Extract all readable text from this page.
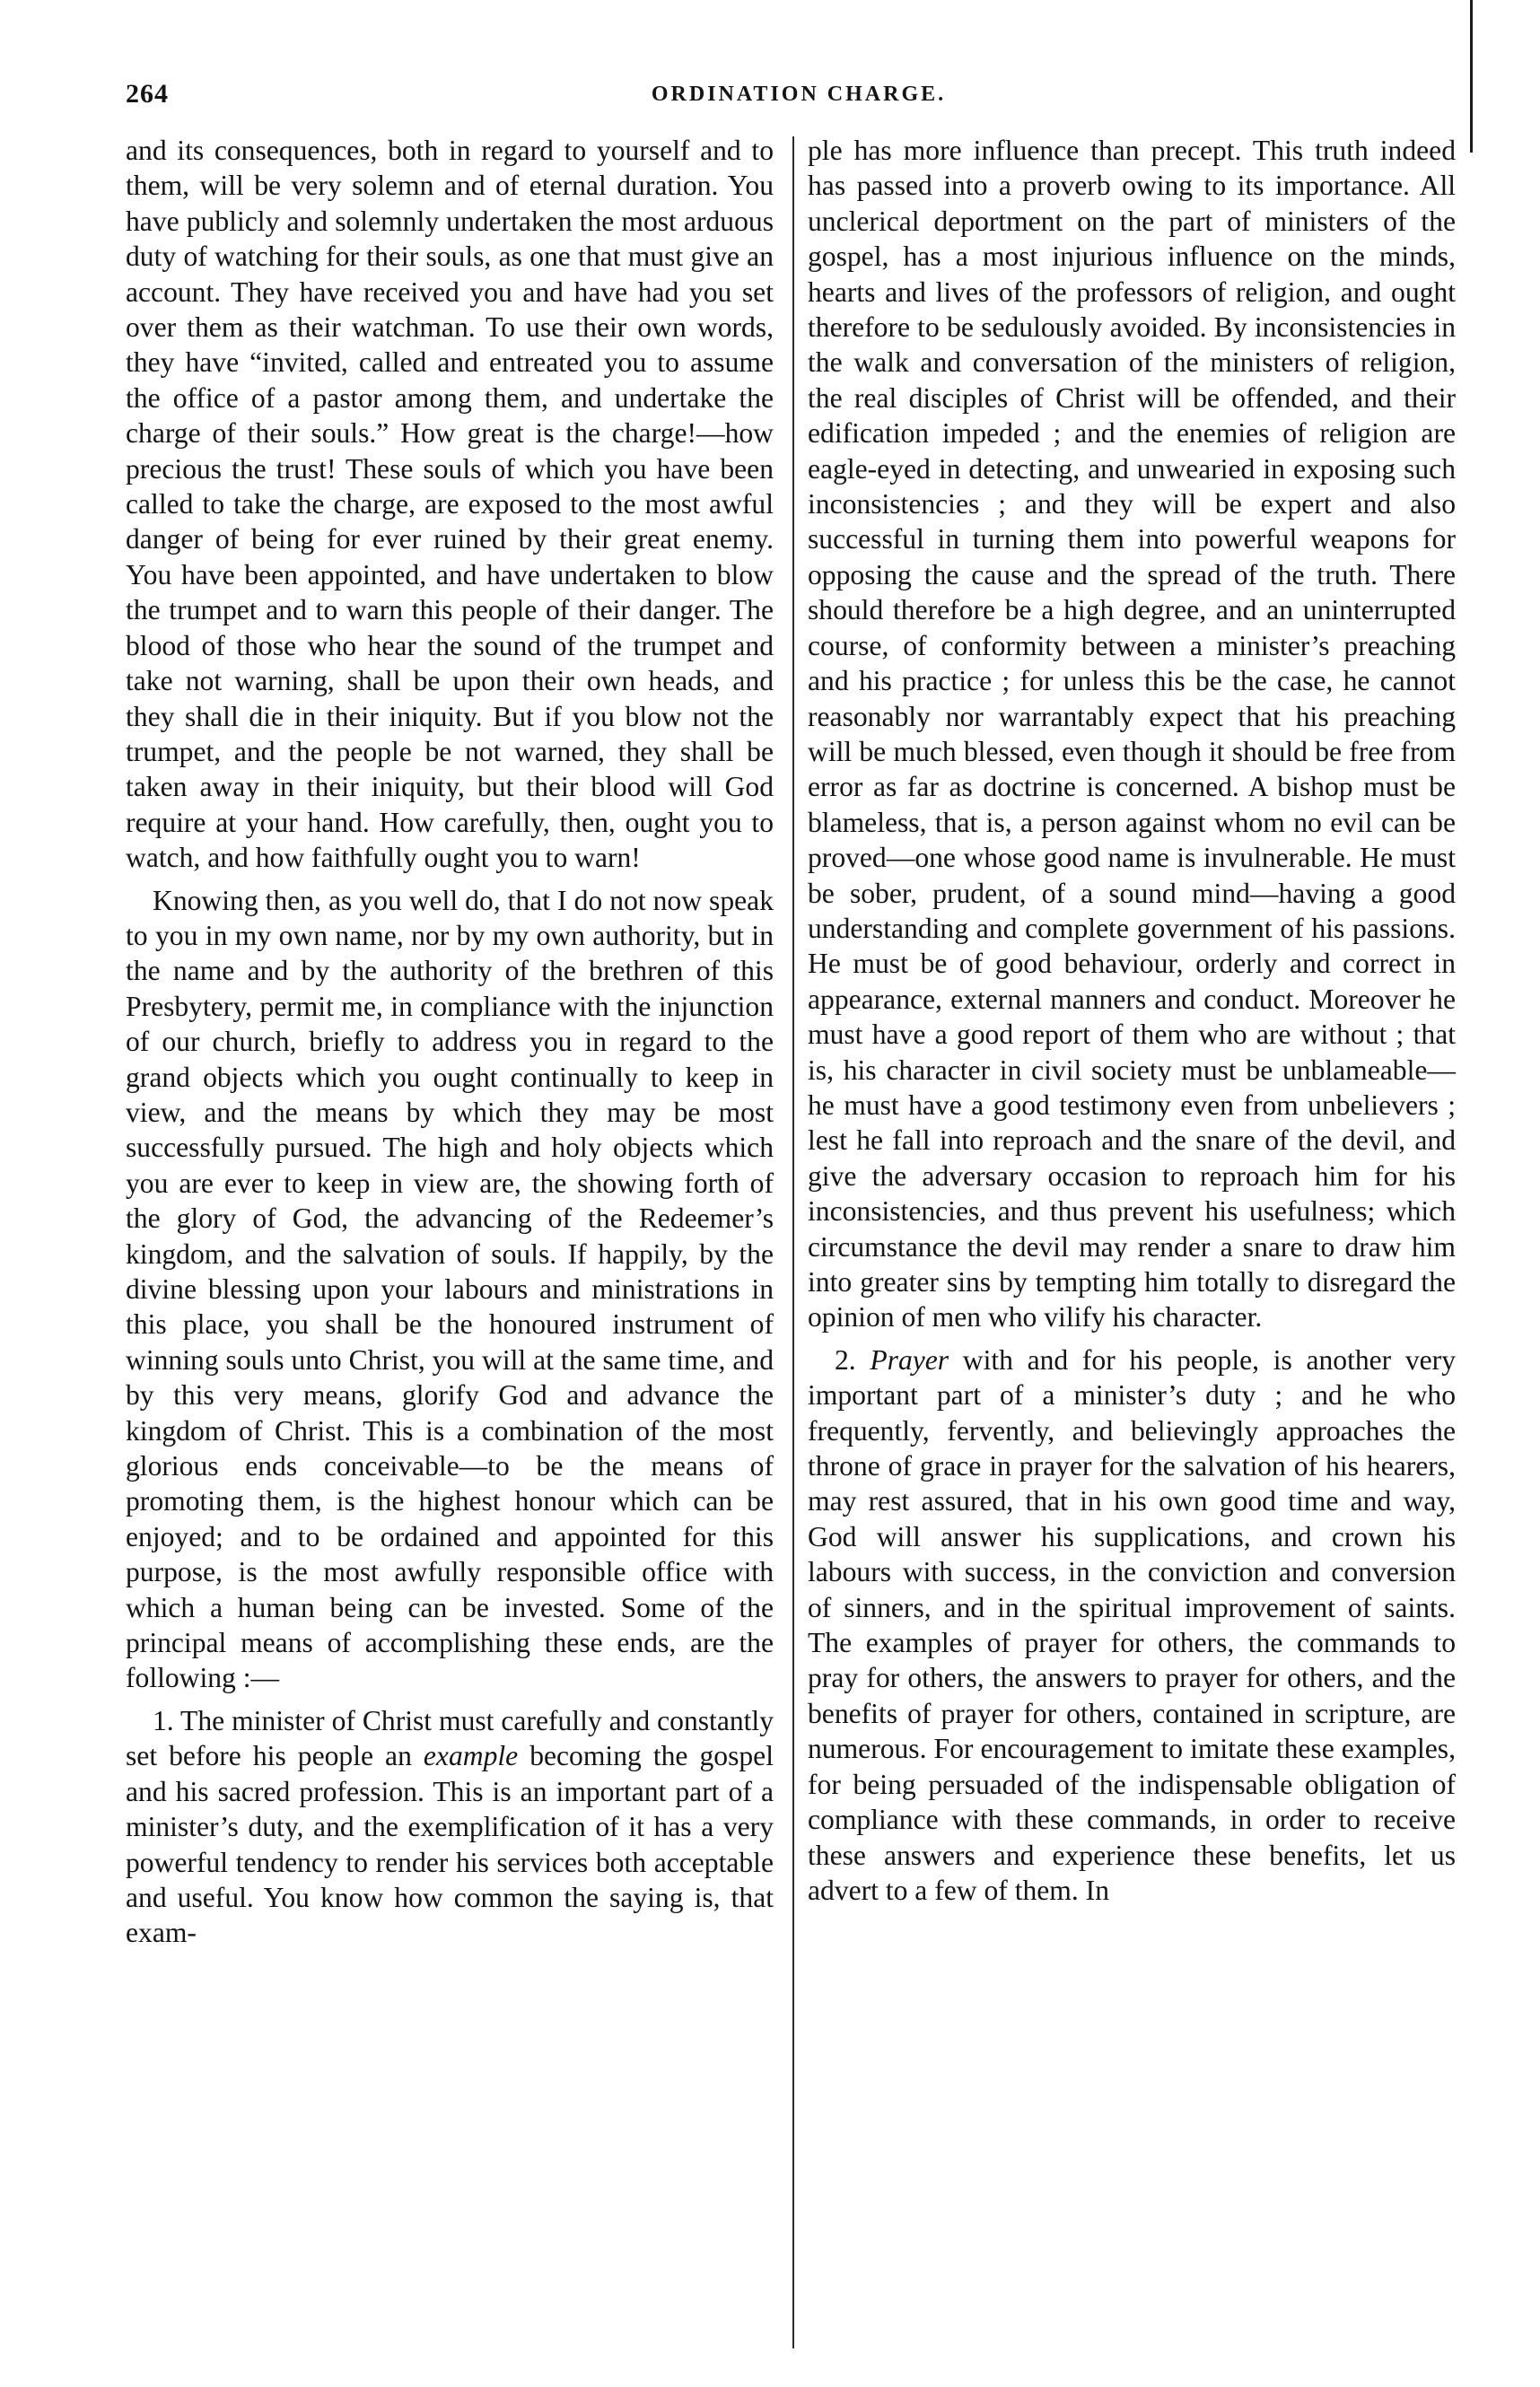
264	ORDINATION CHARGE.

and its consequences, both in regard to yourself and to them, will be very solemn and of eternal duration. You have publicly and solemnly undertaken the most arduous duty of watching for their souls, as one that must give an account. They have received you and have had you set over them as their watchman. To use their own words, they have “invited, called and entreated you to assume the office of a pastor among them, and undertake the charge of their souls.” How great is the charge!—how precious the trust! These souls of which you have been called to take the charge, are exposed to the most awful danger of being for ever ruined by their great enemy. You have been appointed, and have undertaken to blow the trumpet and to warn this people of their danger. The blood of those who hear the sound of the trumpet and take not warning, shall be upon their own heads, and they shall die in their iniquity. But if you blow not the trumpet, and the people be not warned, they shall be taken away in their iniquity, but their blood will God require at your hand. How carefully, then, ought you to watch, and how faithfully ought you to warn!

Knowing then, as you well do, that I do not now speak to you in my own name, nor by my own authority, but in the name and by the authority of the brethren of this Presbytery, permit me, in compliance with the injunction of our church, briefly to address you in regard to the grand objects which you ought continually to keep in view, and the means by which they may be most successfully pursued. The high and holy objects which you are ever to keep in view are, the showing forth of the glory of God, the advancing of the Redeemer’s kingdom, and the salvation of souls. If happily, by the divine blessing upon your labours and ministrations in this place, you shall be the honoured instrument of winning souls unto Christ, you will at the same time, and by this very means, glorify God and advance the kingdom of Christ. This is a combination of the most glorious ends conceivable—to be the means of promoting them, is the highest honour which can be enjoyed; and to be ordained and appointed for this purpose, is the most awfully responsible office with which a human being can be invested. Some of the principal means of accomplishing these ends, are the following :—

1. The minister of Christ must carefully and constantly set before his people an example becoming the gospel and his sacred profession. This is an important part of a minister’s duty, and the exemplification of it has a very powerful tendency to render his services both acceptable and useful. You know how common the saying is, that exam-

ple has more influence than precept. This truth indeed has passed into a proverb owing to its importance. All unclerical deportment on the part of ministers of the gospel, has a most injurious influence on the minds, hearts and lives of the professors of religion, and ought therefore to be sedulously avoided. By inconsistencies in the walk and conversation of the ministers of religion, the real disciples of Christ will be offended, and their edification impeded ; and the enemies of religion are eagle-eyed in detecting, and unwearied in exposing such inconsistencies ; and they will be expert and also successful in turning them into powerful weapons for opposing the cause and the spread of the truth. There should therefore be a high degree, and an uninterrupted course, of conformity between a minister’s preaching and his practice ; for unless this be the case, he cannot reasonably nor warrantably expect that his preaching will be much blessed, even though it should be free from error as far as doctrine is concerned. A bishop must be blameless, that is, a person against whom no evil can be proved—one whose good name is invulnerable. He must be sober, prudent, of a sound mind—having a good understanding and complete government of his passions. He must be of good behaviour, orderly and correct in appearance, external manners and conduct. Moreover he must have a good report of them who are without ; that is, his character in civil society must be unblameable—he must have a good testimony even from unbelievers ; lest he fall into reproach and the snare of the devil, and give the adversary occasion to reproach him for his inconsistencies, and thus prevent his usefulness; which circumstance the devil may render a snare to draw him into greater sins by tempting him totally to disregard the opinion of men who vilify his character.

2. Prayer with and for his people, is another very important part of a minister’s duty ; and he who frequently, fervently, and believingly approaches the throne of grace in prayer for the salvation of his hearers, may rest assured, that in his own good time and way, God will answer his supplications, and crown his labours with success, in the conviction and conversion of sinners, and in the spiritual improvement of saints. The examples of prayer for others, the commands to pray for others, the answers to prayer for others, and the benefits of prayer for others, contained in scripture, are numerous. For encouragement to imitate these examples, for being persuaded of the indispensable obligation of compliance with these commands, in order to receive these answers and experience these benefits, let us advert to a few of them. In
